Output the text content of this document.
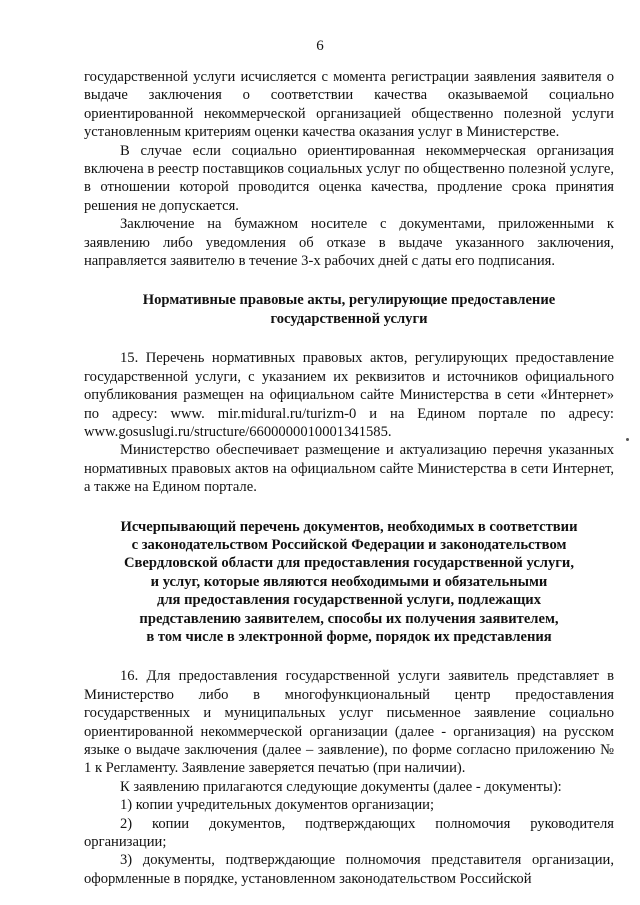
6

государственной услуги исчисляется с момента регистрации заявления заявителя о выдаче заключения о соответствии качества оказываемой социально ориентированной некоммерческой организацией общественно полезной услуги установленным критериям оценки качества оказания услуг в Министерстве.

В случае если социально ориентированная некоммерческая организация включена в реестр поставщиков социальных услуг по общественно полезной услуге, в отношении которой проводится оценка качества, продление срока принятия решения не допускается.

Заключение на бумажном носителе с документами, приложенными к заявлению либо уведомления об отказе в выдаче указанного заключения, направляется заявителю в течение 3-х рабочих дней с даты его подписания.

Нормативные правовые акты, регулирующие предоставление
государственной услуги

15. Перечень нормативных правовых актов, регулирующих предоставление государственной услуги, с указанием их реквизитов и источников официального опубликования размещен на официальном сайте Министерства в сети «Интернет» по адресу: www. mir.midural.ru/turizm-0 и на Едином портале по адресу: www.gosuslugi.ru/structure/6600000010001341585.

Министерство обеспечивает размещение и актуализацию перечня указанных нормативных правовых актов на официальном сайте Министерства в сети Интернет, а также на Едином портале.

Исчерпывающий перечень документов, необходимых в соответствии
с законодательством Российской Федерации и законодательством
Свердловской области для предоставления государственной услуги,
и услуг, которые являются необходимыми и обязательными
для предоставления государственной услуги, подлежащих
представлению заявителем, способы их получения заявителем,
в том числе в электронной форме, порядок их представления

16. Для предоставления государственной услуги заявитель представляет в Министерство либо в многофункциональный центр предоставления государственных и муниципальных услуг письменное заявление социально ориентированной некоммерческой организации (далее - организация) на русском языке о выдаче заключения (далее – заявление), по форме согласно приложению № 1 к Регламенту. Заявление заверяется печатью (при наличии).

К заявлению прилагаются следующие документы (далее - документы):

1) копии учредительных документов организации;

2) копии документов, подтверждающих полномочия руководителя организации;

3) документы, подтверждающие полномочия представителя организации, оформленные в порядке, установленном законодательством Российской
